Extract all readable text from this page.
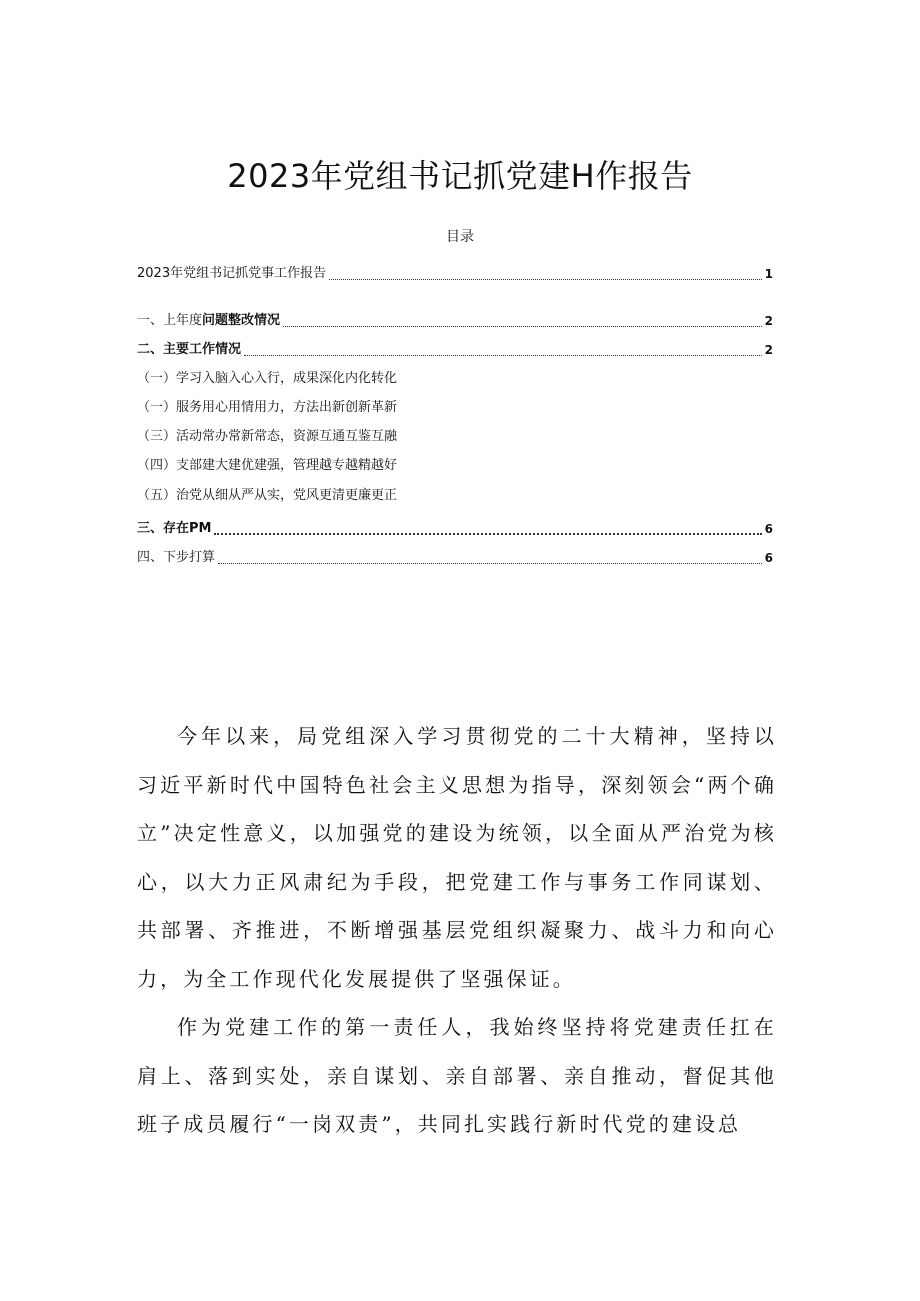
2023年党组书记抓党建H作报告
目录
2023年党组书记抓党事工作报告	1
一、上年度问题整改情况	2
二、主要工作情况	2
（一）学习入脑入心入行，成果深化内化转化
（一）服务用心用情用力，方法出新创新革新
（三）活动常办常新常态，资源互通互鉴互融
（四）支部建大建优建强，管理越专越精越好
（五）治党从细从严从实，党风更清更廉更正
三、存在PM	6
四、下步打算	6

今年以来，局党组深入学习贯彻党的二十大精神，坚持以习近平新时代中国特色社会主义思想为指导，深刻领会“两个确立”决定性意义，以加强党的建设为统领，以全面从严治党为核心，以大力正风肃纪为手段，把党建工作与事务工作同谋划、共部署、齐推进，不断增强基层党组织凝聚力、战斗力和向心力，为全工作现代化发展提供了坚强保证。

作为党建工作的第一责任人，我始终坚持将党建责任扛在肩上、落到实处，亲自谋划、亲自部署、亲自推动，督促其他班子成员履行“一岗双责”，共同扎实践行新时代党的建设总
